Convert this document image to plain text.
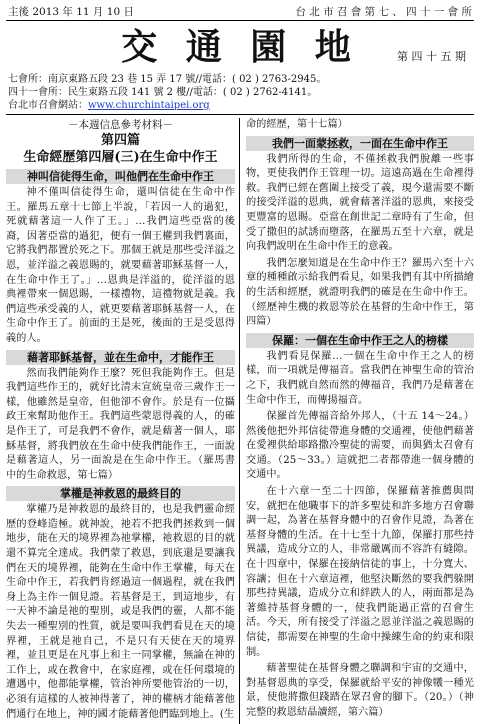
主後 2013 年 11 月 10 日	台 北 市 召 會 第 七 、 四 十 一 會 所
交 通 園 地	第 四 十 五 期
七會所：南京東路五段 23 巷 15 弄 17 號//電話：( 02 ) 2763-2945。
四十一會所：民生東路五段 141 號 2 樓//電話：( 02 ) 2762-4141。
台北市召會網站：www.churchintaipei.org
－本週信息參考材料－
第四篇
生命經歷第四層(三)在生命中作王
神叫信徒得生命，叫他們在生命中作王

神不僅叫信徒得生命，還叫信徒在生命中作王。羅馬五章十七節上半說，「若因一人的過犯，死就藉著這一人作了王。」…我們這些亞當的後裔，因著亞當的過犯，便有一個王權到我們裏面，它將我們都置於死之下。那個王就是那些受洋溢之恩，並洋溢之義恩賜的，就要藉著耶穌基督一人，在生命中作王了。」…恩典是洋溢的，從洋溢的恩典裡帶來一個恩賜，一樣禮物，這禮物就是義。我們這些承受義的人，就更要藉著耶穌基督一人，在生命中作王了。前面的王是死，後面的王是受恩得義的人。

藉著耶穌基督，並在生命中，才能作王

然而我們能夠作王麼？死但我能夠作王。但是我們這些作王的，就好比清末宣統皇帝三歲作王一樣，他雖然是皇帝，但他卻不會作。於是有一位攝政王來幫助他作王。我們這些蒙恩得義的人，的確是作王了，可是我們不會作，就是藉著一個人，耶穌基督，將我們放在生命中使我們能作王，一面說是藉著這人，另一面說是在生命中作王。（羅馬書中的生命救恩，第七篇）

掌權是神救恩的最終目的

掌權乃是神救恩的最終目的，也是我們靈命經歷的登峰造極。就神說，祂若不把我們拯救到一個地步，能在天的境界裡為祂掌權，祂救恩的目的就還不算完全達成。我們蒙了救恩，到底還是要讓我們在天的境界裡，能夠在生命中作王掌權，每天在生命中作王，若我們肯經過這一個過程，就在我們身上為主作一個見證。若基督是王，到這地步，有一天神不論是祂的聖別，或是我們的靈，人都不能失去一種聖別的性質，就是要叫我們看見在天的境界裡，王就是祂自己，不是只有天使在天的境界裡，並且更是在凡事上和主一同掌權，無論在神的工作上，或在教會中，在家庭裡，或在任何環境的遭遇中，他都能掌權，管治神所要他管治的一切，必須有這樣的人被神得著了，神的權柄才能藉著他們通行在地上，神的國才能藉著他們臨到地上。(生

命的經歷，第十七篇）

我們一面蒙拯救，一面在生命中作王

我們所得的生命，不僅拯救我們脫離一些事物，更使我們作王管理一切。這遠高過在生命裡得救。我們已經在舊圍上接受了義，現今還需要不斷的接受洋溢的恩典，就會藉著洋溢的恩典，來接受更豐富的恩賜。亞當在創世記二章時有了生命，但受了撒但的試誘而墮落，在羅馬五至十六章，就是向我們說明在生命中作王的意義。

我們怎麼知道是在生命中作王？羅馬六至十六章的種種啟示給我們看見，如果我們有其中所描繪的生活和經歷，就證明我們的確是在生命中作王。（經歷神生機的救恩等於在基督的生命中作王，第四篇）

保羅：一個在生命中作王之人的榜樣

我們看見保羅…一個在生命中作王之人的榜樣，而一項就是傳福音。當我們在神聖生命的管治之下，我們就自然而然的傳福音，我們乃是藉著在生命中作王，而傳揚福音。

保羅首先傳福音給外邦人，（十五 14～24。）然後他把外邦信徒帶進身體的交通裡，使他們藉著在愛裡供給耶路撒冷聖徒的需要，而與猶太召會有交通。（25～33。）這就把二者都帶進一個身體的交通中。

在十六章一至二十四節，保羅藉著推薦與問安，就把在他職事下的許多聖徒和許多地方召會聯調一起，為著在基督身體中的召會作見證，為著在基督身體的生活。在十七至十九節，保羅打那些持異議，造成分立的人，非常嚴厲而不容許有縫隙。在十四章中，保羅在接納信徒的事上，十分寬大、容讓；但在十六章這裡，他堅決斷然的要我們躲開那些持異議，造成分立和絆跌人的人，兩面都是為著維持基督身體的一，使我們能過正當的召會生活。今天，所有接受了洋溢之恩並洋溢之義恩賜的信徒，都需要在神聖的生命中操練生命的約束和限制。

藉著聖徒在基督身體之聯調和宇宙的交通中，對基督恩典的享受，保羅就給平安的神像犧一種光景，使他將撒但踐踏在眾召會的腳下。（20。）（神完整的救恩結晶讀經，第六篇）
